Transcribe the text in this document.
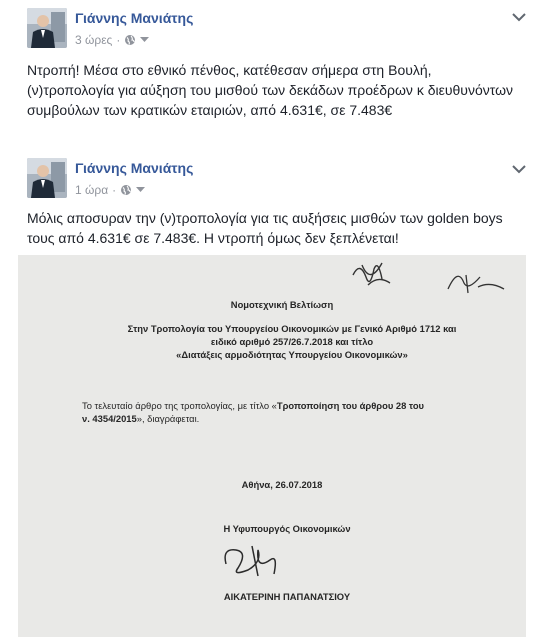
Γιάννης Μανιάτης
3 ώρες ·
Ντροπή! Μέσα στο εθνικό πένθος, κατέθεσαν σήμερα στη Βουλή, (ν)τροπολογία για αύξηση του μισθού των δεκάδων προέδρων κ διευθυνόντων συμβούλων των κρατικών εταιριών, από 4.631€, σε 7.483€
Γιάννης Μανιάτης
1 ώρα ·
Μόλις αποσυραν την (ν)τροπολογία για τις αυξήσεις μισθών των golden boys τους από 4.631€ σε 7.483€. Η ντροπή όμως δεν ξεπλένεται!
Νομοτεχνική Βελτίωση
Στην Τροπολογία του Υπουργείου Οικονομικών με Γενικό Αριθμό 1712 και
ειδικό αριθμό 257/26.7.2018 και τίτλο
«Διατάξεις αρμοδιότητας Υπουργείου Οικονομικών»
Το τελευταίο άρθρο της τροπολογίας, με τίτλο «Τροποποίηση του άρθρου 28 του
ν. 4354/2015», διαγράφεται.
Αθήνα, 26.07.2018
Η Υφυπουργός Οικονομικών
ΑΙΚΑΤΕΡΙΝΗ ΠΑΠΑΝΑΤΣΙΟΥ
